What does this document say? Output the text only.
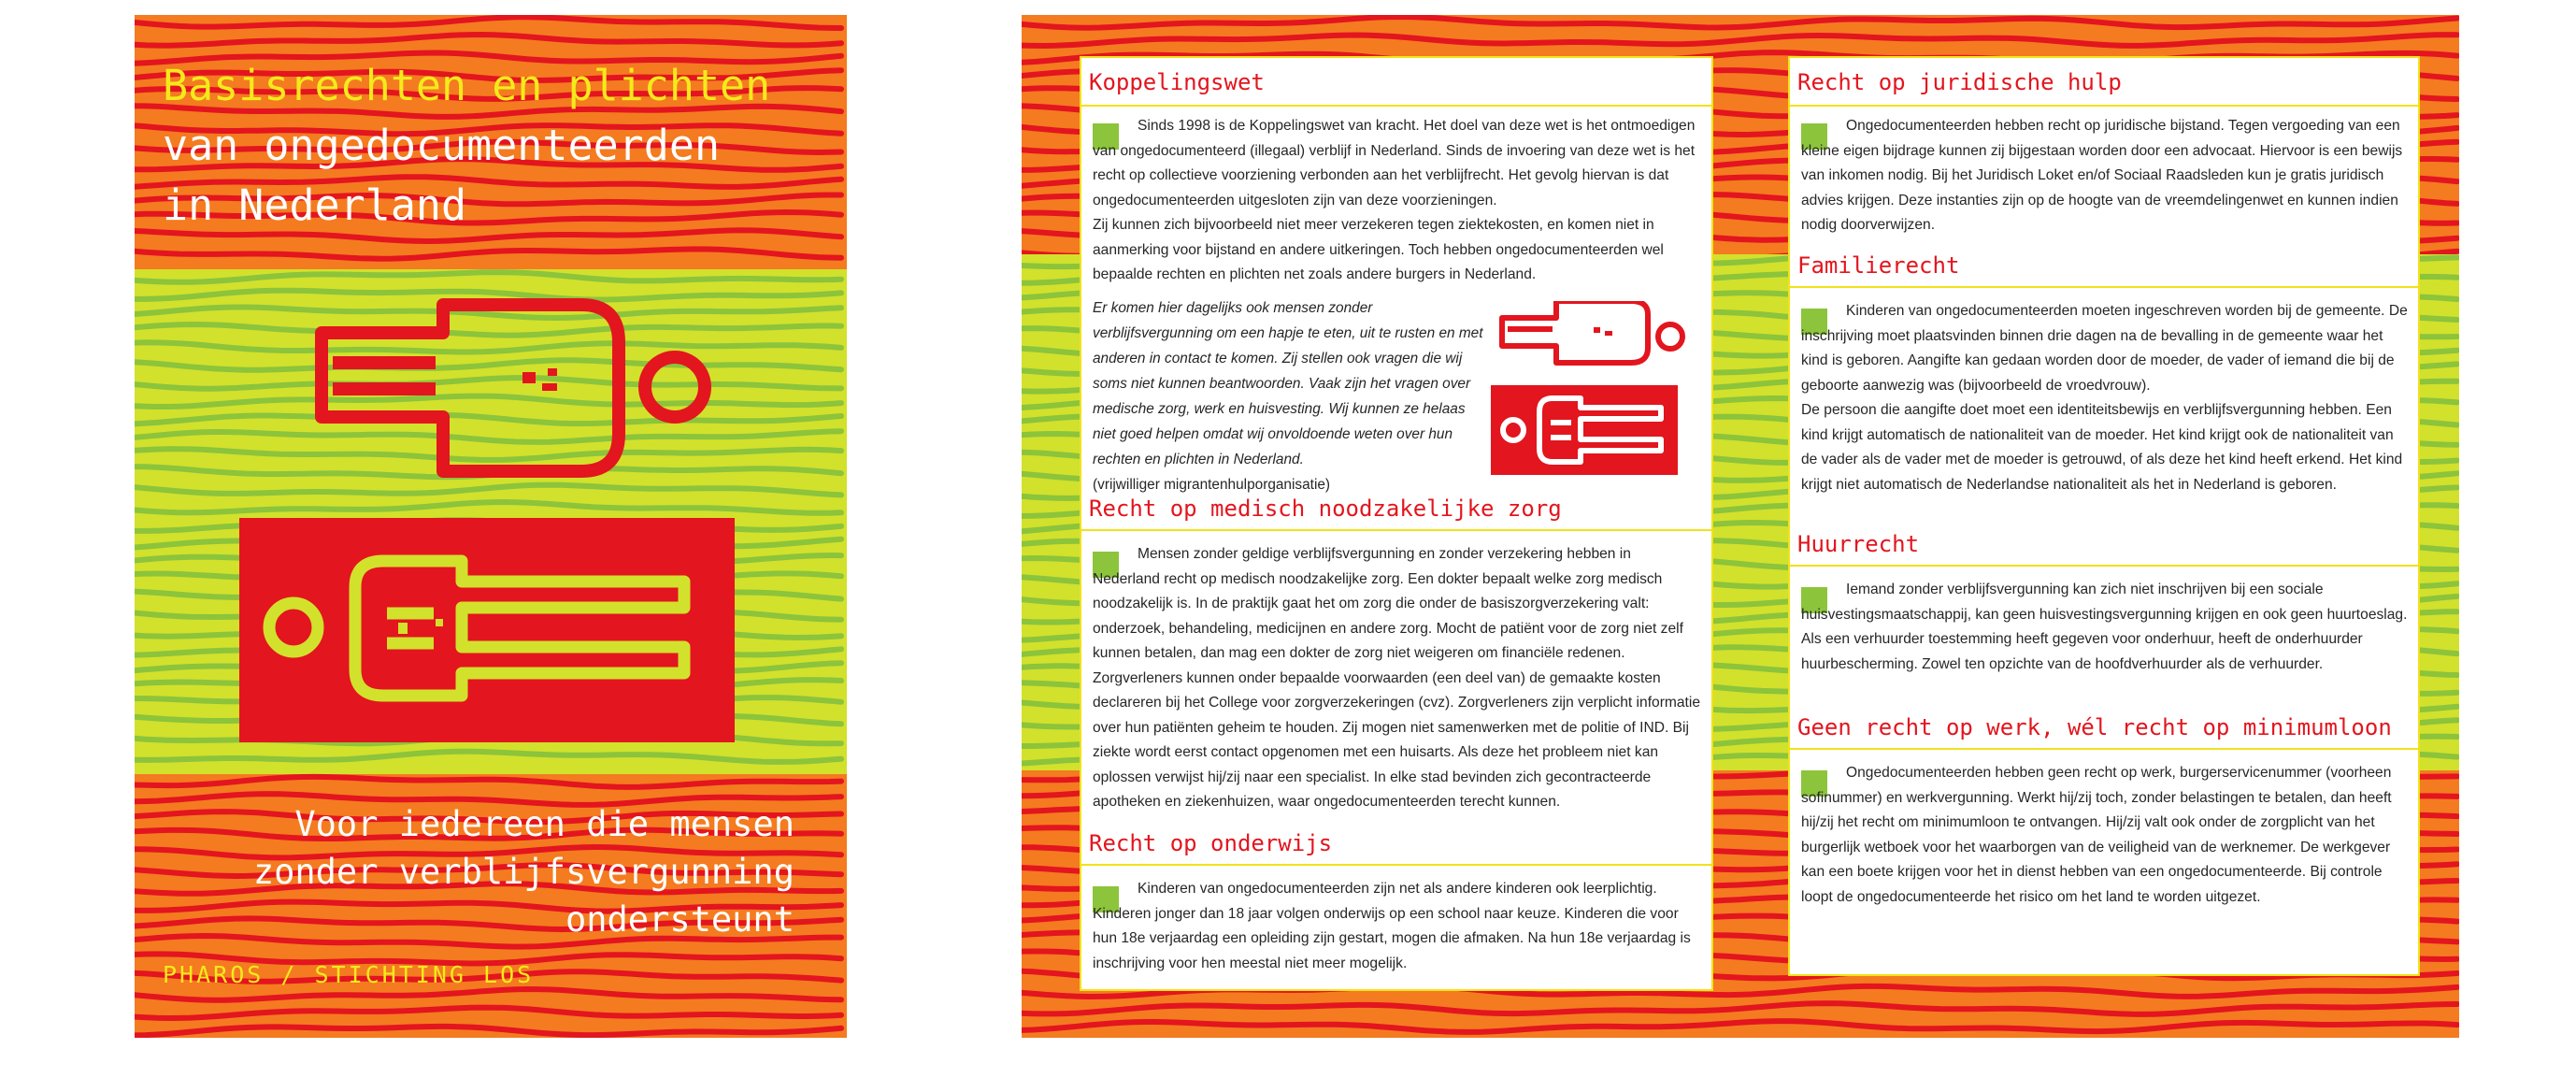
Basisrechten en plichten
van ongedocumenteerden
in Nederland
Voor iedereen die mensen
zonder verblijfsvergunning
ondersteunt
PHAROS / STICHTING LOS
Koppelingswet

Sinds 1998 is de Koppelingswet van kracht. Het doel van deze wet is het ontmoedigen van ongedocumenteerd (illegaal) verblijf in Nederland. Sinds de invoering van deze wet is het recht op collectieve voorziening verbonden aan het verblijfrecht. Het gevolg hiervan is dat ongedocumenteerden uitgesloten zijn van deze voorzieningen.

Zij kunnen zich bijvoorbeeld niet meer verzekeren tegen ziektekosten, en komen niet in aanmerking voor bijstand en andere uitkeringen. Toch hebben ongedocumenteerden wel bepaalde rechten en plichten net zoals andere burgers in Nederland.

Er komen hier dagelijks ook mensen zonder verblijfsvergunning om een hapje te eten, uit te rusten en met anderen in contact te komen. Zij stellen ook vragen die wij soms niet kunnen beantwoorden. Vaak zijn het vragen over medische zorg, werk en huisvesting. Wij kunnen ze helaas niet goed helpen omdat wij onvoldoende weten over hun rechten en plichten in Nederland.
(vrijwilliger migrantenhulporganisatie)
Recht op medisch noodzakelijke zorg

Mensen zonder geldige verblijfsvergunning en zonder verzekering hebben in Nederland recht op medisch noodzakelijke zorg. Een dokter bepaalt welke zorg medisch noodzakelijk is. In de praktijk gaat het om zorg die onder de basiszorgverzekering valt: onderzoek, behandeling, medicijnen en andere zorg. Mocht de patiënt voor de zorg niet zelf kunnen betalen, dan mag een dokter de zorg niet weigeren om financiële redenen. Zorgverleners kunnen onder bepaalde voorwaarden (een deel van) de gemaakte kosten declareren bij het College voor zorgverzekeringen (cvz). Zorgverleners zijn verplicht informatie over hun patiënten geheim te houden. Zij mogen niet samenwerken met de politie of IND. Bij ziekte wordt eerst contact opgenomen met een huisarts. Als deze het probleem niet kan oplossen verwijst hij/zij naar een specialist. In elke stad bevinden zich gecontracteerde apotheken en ziekenhuizen, waar ongedocumenteerden terecht kunnen.

Recht op onderwijs

Kinderen van ongedocumenteerden zijn net als andere kinderen ook leerplichtig. Kinderen jonger dan 18 jaar volgen onderwijs op een school naar keuze. Kinderen die voor hun 18e verjaardag een opleiding zijn gestart, mogen die afmaken. Na hun 18e verjaardag is inschrijving voor hen meestal niet meer mogelijk.

Recht op juridische hulp

Ongedocumenteerden hebben recht op juridische bijstand. Tegen vergoeding van een kleine eigen bijdrage kunnen zij bijgestaan worden door een advocaat. Hiervoor is een bewijs van inkomen nodig. Bij het Juridisch Loket en/of Sociaal Raadsleden kun je gratis juridisch advies krijgen. Deze instanties zijn op de hoogte van de vreemdelingenwet en kunnen indien nodig doorverwijzen.

Familierecht

Kinderen van ongedocumenteerden moeten ingeschreven worden bij de gemeente. De inschrijving moet plaatsvinden binnen drie dagen na de bevalling in de gemeente waar het kind is geboren. Aangifte kan gedaan worden door de moeder, de vader of iemand die bij de geboorte aanwezig was (bijvoorbeeld de vroedvrouw).

De persoon die aangifte doet moet een identiteitsbewijs en verblijfsvergunning hebben. Een kind krijgt automatisch de nationaliteit van de moeder. Het kind krijgt ook de nationaliteit van de vader als de vader met de moeder is getrouwd, of als deze het kind heeft erkend. Het kind krijgt niet automatisch de Nederlandse nationaliteit als het in Nederland is geboren.

Huurrecht

Iemand zonder verblijfsvergunning kan zich niet inschrijven bij een sociale huisvestingsmaatschappij, kan geen huisvestingsvergunning krijgen en ook geen huurtoeslag. Als een verhuurder toestemming heeft gegeven voor onderhuur, heeft de onderhuurder huurbescherming. Zowel ten opzichte van de hoofdverhuurder als de verhuurder.

Geen recht op werk, wél recht op minimumloon

Ongedocumenteerden hebben geen recht op werk, burgerservicenummer (voorheen sofinummer) en werkvergunning. Werkt hij/zij toch, zonder belastingen te betalen, dan heeft hij/zij het recht om minimumloon te ontvangen. Hij/zij valt ook onder de zorgplicht van het burgerlijk wetboek voor het waarborgen van de veiligheid van de werknemer. De werkgever kan een boete krijgen voor het in dienst hebben van een ongedocumenteerde. Bij controle loopt de ongedocumenteerde het risico om het land te worden uitgezet.
